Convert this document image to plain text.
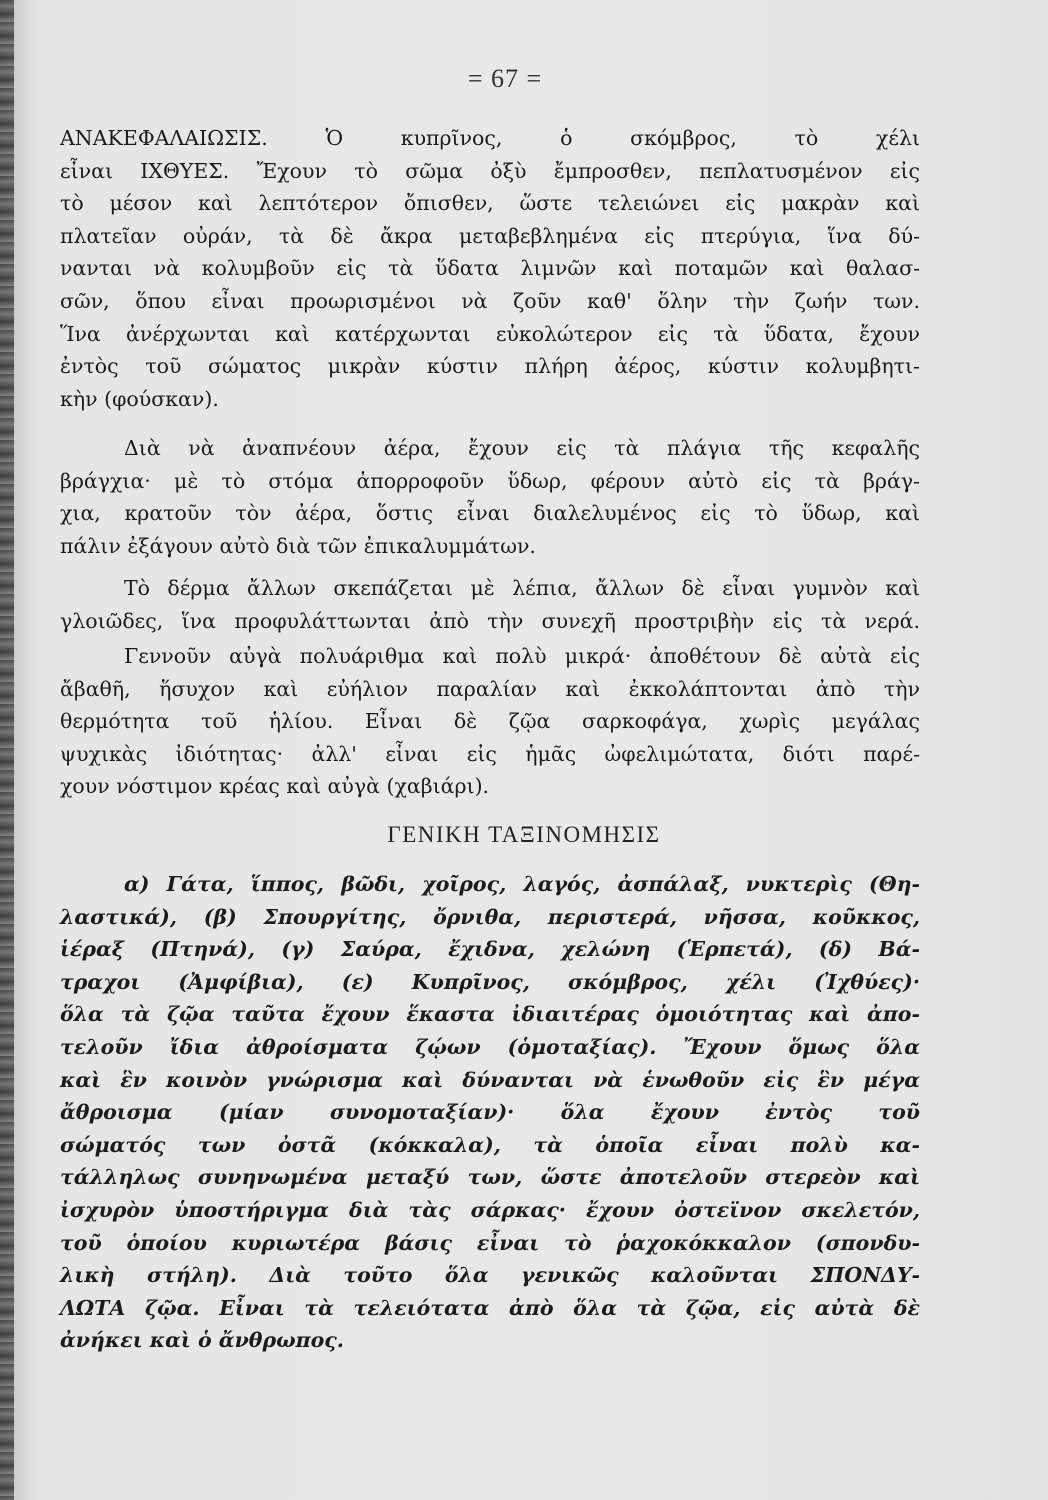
= 67 =
ΑΝΑΚΕΦΑΛΑΙΩΣΙΣ. Ὁ κυπρῖνος, ὁ σκόμβρος, τὸ χέλι
εἶναι ΙΧΘΥΕΣ. Ἔχουν τὸ σῶμα ὀξὺ ἔμπροσθεν, πεπλατυσμένον εἰς
τὸ μέσον καὶ λεπτότερον ὄπισθεν, ὥστε τελειώνει εἰς μακρὰν καὶ
πλατεῖαν οὐράν, τὰ δὲ ἄκρα μεταβεβλημένα εἰς πτερύγια, ἵνα δύ-
νανται νὰ κολυμβοῦν εἰς τὰ ὕδατα λιμνῶν καὶ ποταμῶν καὶ θαλασ-
σῶν, ὅπου εἶναι προωρισμένοι νὰ ζοῦν καθ' ὅλην τὴν ζωήν των.
Ἵνα ἀνέρχωνται καὶ κατέρχωνται εὐκολώτερον εἰς τὰ ὕδατα, ἔχουν
ἐντὸς τοῦ σώματος μικρὰν κύστιν πλήρη ἀέρος, κύστιν κολυμβητι-
κὴν (φούσκαν).
Διὰ νὰ ἀναπνέουν ἀέρα, ἔχουν εἰς τὰ πλάγια τῆς κεφαλῆς
βράγχια· μὲ τὸ στόμα ἀπορροφοῦν ὕδωρ, φέρουν αὐτὸ εἰς τὰ βράγ-
χια, κρατοῦν τὸν ἀέρα, ὅστις εἶναι διαλελυμένος εἰς τὸ ὕδωρ, καὶ
πάλιν ἐξάγουν αὐτὸ διὰ τῶν ἐπικαλυμμάτων.
Τὸ δέρμα ἄλλων σκεπάζεται μὲ λέπια, ἄλλων δὲ εἶναι γυμνὸν καὶ
γλοιῶδες, ἵνα προφυλάττωνται ἀπὸ τὴν συνεχῆ προστριβὴν εἰς τὰ νερά.
Γεννοῦν αὐγὰ πολυάριθμα καὶ πολὺ μικρά· ἀποθέτουν δὲ αὐτὰ εἰς
ἄβαθῆ, ἥσυχον καὶ εὐήλιον παραλίαν καὶ ἐκκολάπτονται ἀπὸ τὴν
θερμότητα τοῦ ἡλίου. Εἶναι δὲ ζῷα σαρκοφάγα, χωρὶς μεγάλας
ψυχικὰς ἰδιότητας· ἀλλ' εἶναι εἰς ἡμᾶς ὠφελιμώτατα, διότι παρέ-
χουν νόστιμον κρέας καὶ αὐγὰ (χαβιάρι).
ΓΕΝΙΚΗ ΤΑΞΙΝΟΜΗΣΙΣ
α) Γάτα, ἵππος, βῶδι, χοῖρος, λαγός, ἀσπάλαξ, νυκτερὶς (Θη-
λαστικά), (β) Σπουργίτης, ὄρνιθα, περιστερά, νῆσσα, κοῦκκος,
ἱέραξ (Πτηνά), (γ) Σαύρα, ἔχιδνα, χελώνη (Ἑρπετά), (δ) Βά-
τραχοι (Ἀμφίβια), (ε) Κυπρῖνος, σκόμβρος, χέλι (Ἰχθύες)·
ὅλα τὰ ζῷα ταῦτα ἔχουν ἕκαστα ἰδιαιτέρας ὁμοιότητας καὶ ἀπο-
τελοῦν ἴδια ἀθροίσματα ζῴων (ὁμοταξίας). Ἔχουν ὅμως ὅλα
καὶ ἓν κοινὸν γνώρισμα καὶ δύνανται νὰ ἑνωθοῦν εἰς ἓν μέγα
ἄθροισμα (μίαν συνομοταξίαν)· ὅλα ἔχουν ἐντὸς τοῦ
σώματός των ὀστᾶ (κόκκαλα), τὰ ὁποῖα εἶναι πολὺ κα-
τάλληλως συνηνωμένα μεταξύ των, ὥστε ἀποτελοῦν στερεὸν καὶ
ἰσχυρὸν ὑποστήριγμα διὰ τὰς σάρκας· ἔχουν ὀστεϊνον σκελετόν,
τοῦ ὁποίου κυριωτέρα βάσις εἶναι τὸ ῥαχοκόκκαλον (σπονδυ-
λικὴ στήλη). Διὰ τοῦτο ὅλα γενικῶς καλοῦνται ΣΠΟΝΔΥ-
ΛΩΤΑ ζῷα. Εἶναι τὰ τελειότατα ἀπὸ ὅλα τὰ ζῷα, εἰς αὐτὰ δὲ
ἀνήκει καὶ ὁ ἄνθρωπος.
